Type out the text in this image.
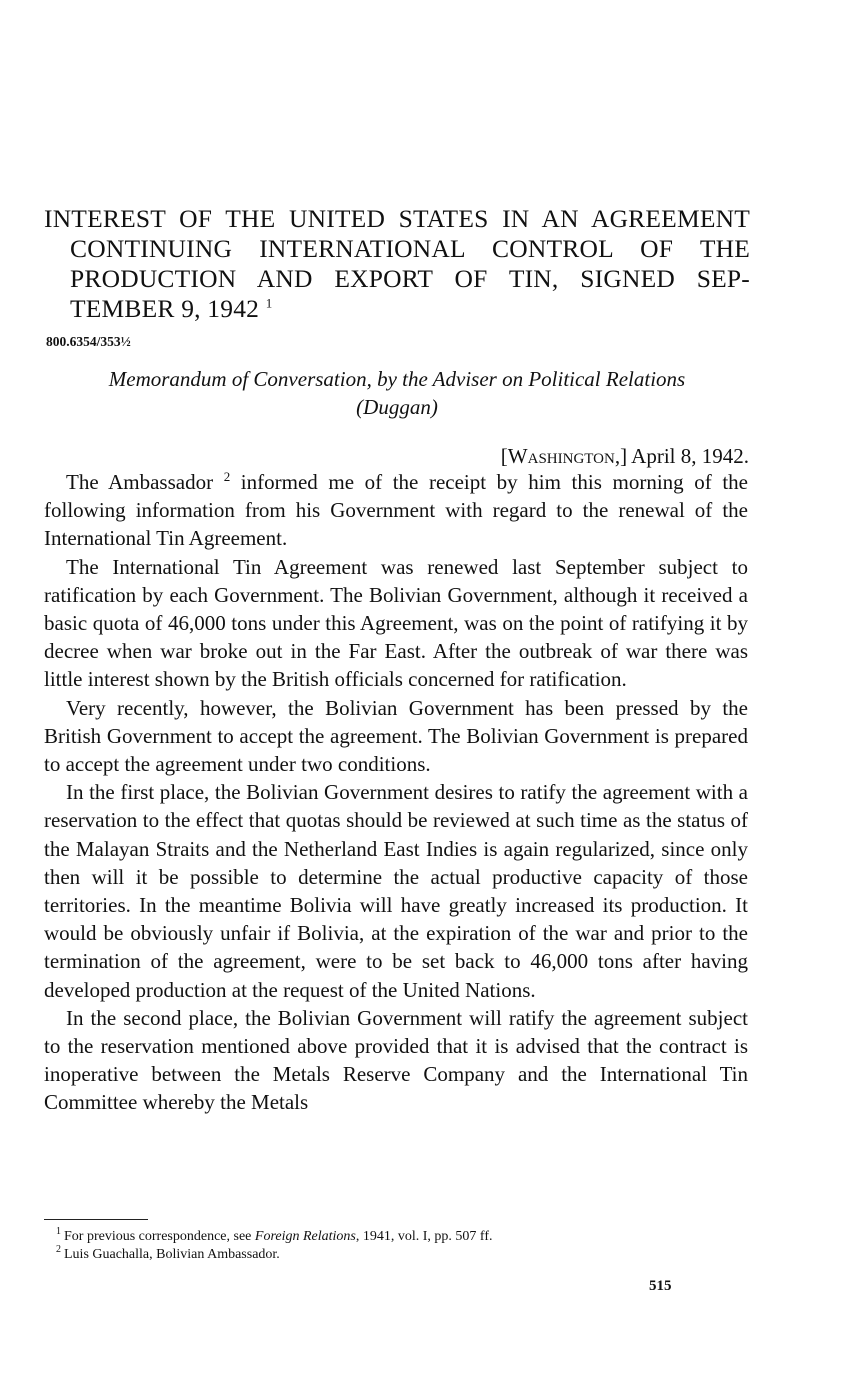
INTEREST OF THE UNITED STATES IN AN AGREEMENT
CONTINUING INTERNATIONAL CONTROL OF THE
PRODUCTION AND EXPORT OF TIN, SIGNED SEP-
TEMBER 9, 1942 $^1$
800.6354/353½
Memorandum of Conversation, by the Adviser on Political Relations
(Duggan)
[Washington,] April 8, 1942.

The Ambassador $^2$ informed me of the receipt by him this morning of the following information from his Government with regard to the renewal of the International Tin Agreement.

The International Tin Agreement was renewed last September subject to ratification by each Government. The Bolivian Government, although it received a basic quota of 46,000 tons under this Agreement, was on the point of ratifying it by decree when war broke out in the Far East. After the outbreak of war there was little interest shown by the British officials concerned for ratification.

Very recently, however, the Bolivian Government has been pressed by the British Government to accept the agreement. The Bolivian Government is prepared to accept the agreement under two conditions.

In the first place, the Bolivian Government desires to ratify the agreement with a reservation to the effect that quotas should be reviewed at such time as the status of the Malayan Straits and the Netherland East Indies is again regularized, since only then will it be possible to determine the actual productive capacity of those territories. In the meantime Bolivia will have greatly increased its production. It would be obviously unfair if Bolivia, at the expiration of the war and prior to the termination of the agreement, were to be set back to 46,000 tons after having developed production at the request of the United Nations.

In the second place, the Bolivian Government will ratify the agreement subject to the reservation mentioned above provided that it is advised that the contract is inoperative between the Metals Reserve Company and the International Tin Committee whereby the Metals

$^1$ For previous correspondence, see Foreign Relations, 1941, vol. I, pp. 507 ff.

$^2$ Luis Guachalla, Bolivian Ambassador.

515
